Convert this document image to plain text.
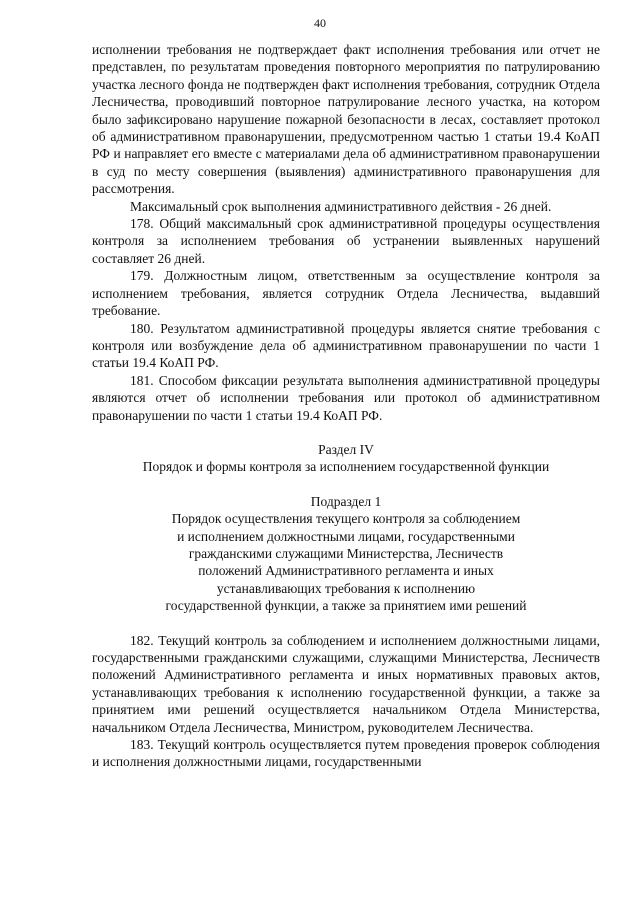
40

исполнении требования не подтверждает факт исполнения требования или отчет не представлен, по результатам проведения повторного мероприятия по патрулированию участка лесного фонда не подтвержден факт исполнения требования, сотрудник Отдела Лесничества, проводивший повторное патрулирование лесного участка, на котором было зафиксировано нарушение пожарной безопасности в лесах, составляет протокол об административном правонарушении, предусмотренном частью 1 статьи 19.4 КоАП РФ и направляет его вместе с материалами дела об административном правонарушении в суд по месту совершения (выявления) административного правонарушения для рассмотрения.

Максимальный срок выполнения административного действия - 26 дней.

178. Общий максимальный срок административной процедуры осуществления контроля за исполнением требования об устранении выявленных нарушений составляет 26 дней.

179. Должностным лицом, ответственным за осуществление контроля за исполнением требования, является сотрудник Отдела Лесничества, выдавший требование.

180. Результатом административной процедуры является снятие требования с контроля или возбуждение дела об административном правонарушении по части 1 статьи 19.4 КоАП РФ.

181. Способом фиксации результата выполнения административной процедуры являются отчет об исполнении требования или протокол об административном правонарушении по части 1 статьи 19.4 КоАП РФ.

Раздел IV

Порядок и формы контроля за исполнением государственной функции

Подраздел 1

Порядок осуществления текущего контроля за соблюдением

и исполнением должностными лицами, государственными

гражданскими служащими Министерства, Лесничеств

положений Административного регламента и иных

устанавливающих требования к исполнению

государственной функции, а также за принятием ими решений

182. Текущий контроль за соблюдением и исполнением должностными лицами, государственными гражданскими служащими, служащими Министерства, Лесничеств положений Административного регламента и иных нормативных правовых актов, устанавливающих требования к исполнению государственной функции, а также за принятием ими решений осуществляется начальником Отдела Министерства, начальником Отдела Лесничества, Министром, руководителем Лесничества.

183. Текущий контроль осуществляется путем проведения проверок соблюдения и исполнения должностными лицами, государственными
